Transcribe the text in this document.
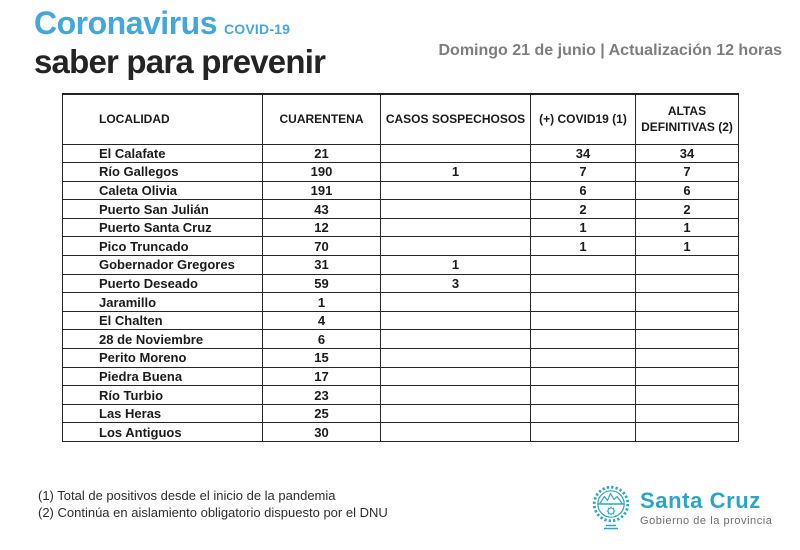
Coronavirus COVID-19
saber para prevenir	Domingo 21 de junio | Actualización 12 horas
LOCALIDAD	CUARENTENA	CASOS SOSPECHOSOS	(+) COVID19 (1)	ALTAS DEFINITIVAS (2)
El Calafate	21		34	34
Río Gallegos	190	1	7	7
Caleta Olivia	191		6	6
Puerto San Julián	43		2	2
Puerto Santa Cruz	12		1	1
Pico Truncado	70		1	1
Gobernador Gregores	31	1		
Puerto Deseado	59	3		
Jaramillo	1			
El Chalten	4			
28 de Noviembre	6			
Perito Moreno	15			
Piedra Buena	17			
Río Turbio	23			
Las Heras	25			
Los Antiguos	30			
(1) Total de positivos desde el inicio de la pandemia
(2) Continúa en aislamiento obligatorio dispuesto por el DNU	Santa Cruz
Gobierno de la provincia
